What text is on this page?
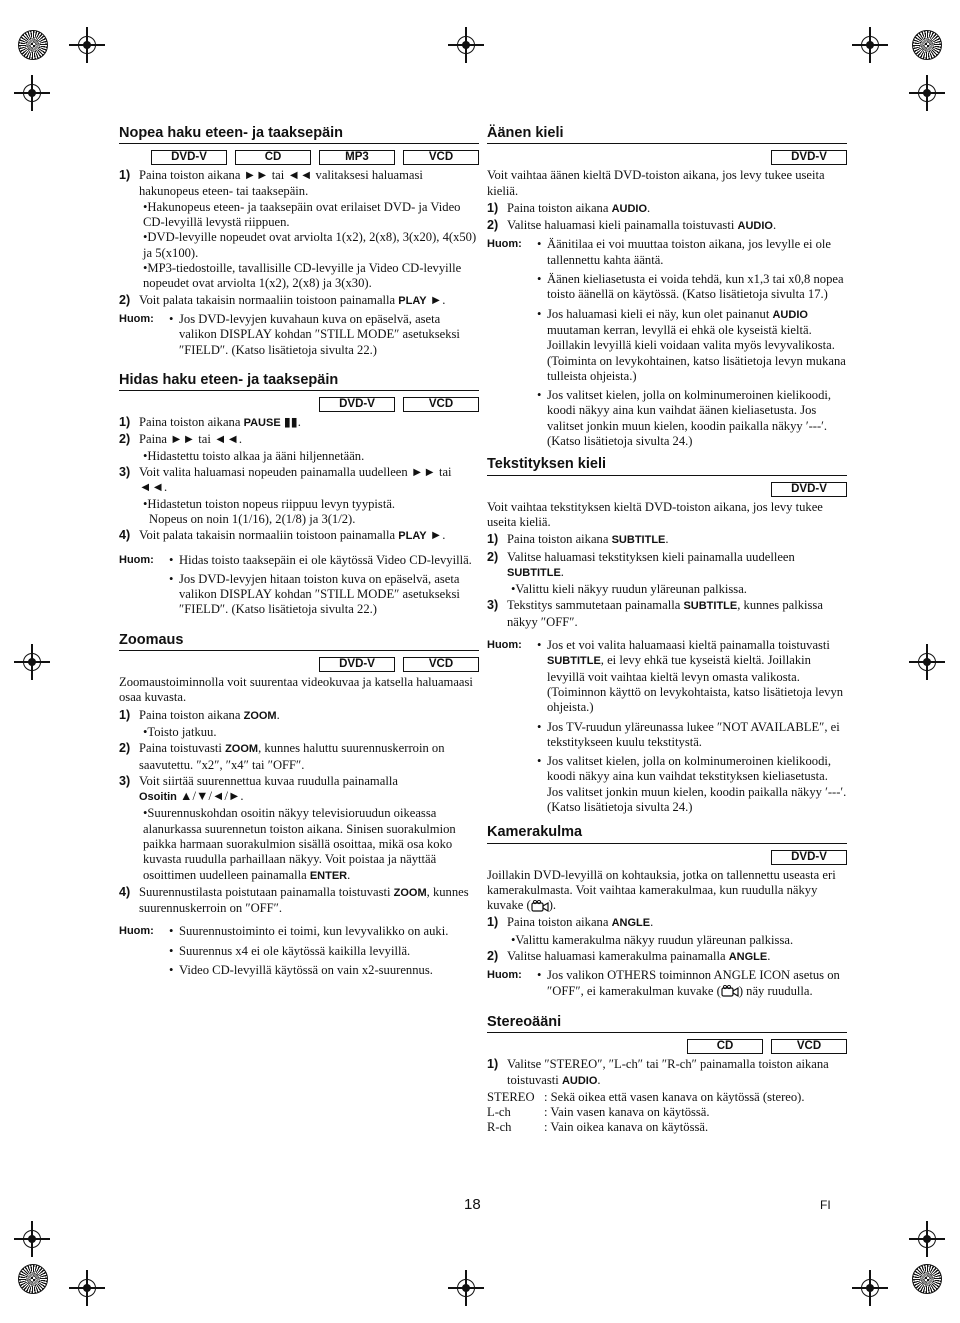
Nopea haku eteen- ja taaksepäin
DVD-V	CD	MP3	VCD
1) Paina toiston aikana ►► tai ◄◄ valitaksesi haluamasi hakunopeus eteen- tai taaksepäin.
•Hakunopeus eteen- ja taaksepäin ovat erilaiset DVD- ja Video CD-levyillä levystä riippuen.
•DVD-levyille nopeudet ovat arviolta 1(x2), 2(x8), 3(x20), 4(x50) ja 5(x100).
•MP3-tiedostoille, tavallisille CD-levyille ja Video CD-levyille nopeudet ovat arviolta 1(x2), 2(x8) ja 3(x30).
2) Voit palata takaisin normaaliin toistoon painamalla PLAY ►.
Huom:	• Jos DVD-levyjen kuvahaun kuva on epäselvä, aseta valikon DISPLAY kohdan ″STILL MODE″ asetukseksi ″FIELD″. (Katso lisätietoja sivulta 22.)
Hidas haku eteen- ja taaksepäin
DVD-V	VCD
1) Paina toiston aikana PAUSE ▮▮.
2) Paina ►► tai ◄◄.
•Hidastettu toisto alkaa ja ääni hiljennetään.
3) Voit valita haluamasi nopeuden painamalla uudelleen ►► tai ◄◄.
•Hidastetun toiston nopeus riippuu levyn tyypistä.
Nopeus on noin 1(1/16), 2(1/8) ja 3(1/2).
4) Voit palata takaisin normaaliin toistoon painamalla PLAY ►.
Huom:	• Hidas toisto taaksepäin ei ole käytössä Video CD-levyillä.
• Jos DVD-levyjen hitaan toiston kuva on epäselvä, aseta valikon DISPLAY kohdan ″STILL MODE″ asetukseksi ″FIELD″. (Katso lisätietoja sivulta 22.)
Zoomaus
DVD-V	VCD
Zoomaustoiminnolla voit suurentaa videokuvaa ja katsella haluamaasi osaa kuvasta.
1) Paina toiston aikana ZOOM.
•Toisto jatkuu.
2) Paina toistuvasti ZOOM, kunnes haluttu suurennuskerroin on saavutettu. ″x2″, ″x4″ tai ″OFF″.
3) Voit siirtää suurennettua kuvaa ruudulla painamalla
Osoitin ▲/▼/◄/►.
•Suurennuskohdan osoitin näkyy televisioruudun oikeassa alanurkassa suurennetun toiston aikana. Sinisen suorakulmion paikka harmaan suorakulmion sisällä osoittaa, mikä osa koko kuvasta ruudulla parhaillaan näkyy. Voit poistaa ja näyttää osoittimen uudelleen painamalla ENTER.
4) Suurennustilasta poistutaan painamalla toistuvasti ZOOM, kunnes suurennuskerroin on ″OFF″.
Huom:	• Suurennustoiminto ei toimi, kun levyvalikko on auki.
• Suurennus x4 ei ole käytössä kaikilla levyillä.
• Video CD-levyillä käytössä on vain x2-suurennus.
Äänen kieli
DVD-V
Voit vaihtaa äänen kieltä DVD-toiston aikana, jos levy tukee useita kieliä.
1) Paina toiston aikana AUDIO.
2) Valitse haluamasi kieli painamalla toistuvasti AUDIO.
Huom:	• Äänitilaa ei voi muuttaa toiston aikana, jos levylle ei ole tallennettu kahta ääntä.
• Äänen kieliasetusta ei voida tehdä, kun x1,3 tai x0,8 nopea toisto äänellä on käytössä. (Katso lisätietoja sivulta 17.)
• Jos haluamasi kieli ei näy, kun olet painanut AUDIO muutaman kerran, levyllä ei ehkä ole kyseistä kieltä. Joillakin levyillä kieli voidaan valita myös levyvalikosta. (Toiminta on levykohtainen, katso lisätietoja levyn mukana tulleista ohjeista.)
• Jos valitset kielen, jolla on kolminumeroinen kielikoodi, koodi näkyy aina kun vaihdat äänen kieliasetusta. Jos valitset jonkin muun kielen, koodin paikalla näkyy ′---′. (Katso lisätietoja sivulta 24.)
Tekstityksen kieli
DVD-V
Voit vaihtaa tekstityksen kieltä DVD-toiston aikana, jos levy tukee useita kieliä.
1) Paina toiston aikana SUBTITLE.
2) Valitse haluamasi tekstityksen kieli painamalla uudelleen SUBTITLE.
•Valittu kieli näkyy ruudun yläreunan palkissa.
3) Tekstitys sammutetaan painamalla SUBTITLE, kunnes palkissa näkyy ″OFF″.
Huom:	• Jos et voi valita haluamaasi kieltä painamalla toistuvasti SUBTITLE, ei levy ehkä tue kyseistä kieltä. Joillakin levyillä voit vaihtaa kieltä levyn omasta valikosta. (Toiminnon käyttö on levykohtaista, katso lisätietoja levyn ohjeista.)
• Jos TV-ruudun yläreunassa lukee ″NOT AVAILABLE″, ei tekstitykseen kuulu tekstitystä.
• Jos valitset kielen, jolla on kolminumeroinen kielikoodi, koodi näkyy aina kun vaihdat tekstityksen kieliasetusta. Jos valitset jonkin muun kielen, koodin paikalla näkyy ′---′. (Katso lisätietoja sivulta 24.)
Kamerakulma
DVD-V
Joillakin DVD-levyillä on kohtauksia, jotka on tallennettu useasta eri kamerakulmasta. Voit vaihtaa kamerakulmaa, kun ruudulla näkyy kuvake ( ).
1) Paina toiston aikana ANGLE.
•Valittu kamerakulma näkyy ruudun yläreunan palkissa.
2) Valitse haluamasi kamerakulma painamalla ANGLE.
Huom:	• Jos valikon OTHERS toiminnon ANGLE ICON asetus on ″OFF″, ei kamerakulman kuvake ( ) näy ruudulla.
Stereoääni
CD	VCD
1) Valitse ″STEREO″, ″L-ch″ tai ″R-ch″ painamalla toiston aikana toistuvasti AUDIO.
STEREO : Sekä oikea että vasen kanava on käytössä (stereo).
L-ch	: Vain vasen kanava on käytössä.
R-ch	: Vain oikea kanava on käytössä.
18	FI
